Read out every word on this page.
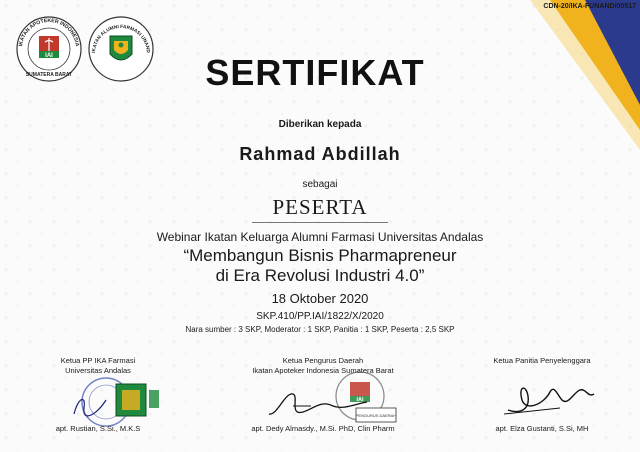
CDN-20/IKA-FUNAND/00517
IKATAN APOTEKER INDONESIA
IAI
SUMATERA BARAT
IKATAN ALUMNI FARMASI UNAND
SERTIFIKAT
Diberikan kepada
Rahmad Abdillah
sebagai
PESERTA
Webinar Ikatan Keluarga Alumni Farmasi Universitas Andalas
“Membangun Bisnis Pharmapreneur
di Era Revolusi Industri 4.0”
18 Oktober 2020
SKP.410/PP.IAI/1822/X/2020
Nara sumber : 3 SKP, Moderator : 1 SKP, Panitia : 1 SKP, Peserta : 2,5 SKP
Ketua PP IKA Farmasi
Universitas Andalas
apt. Rustian, S.Si., M.K.S
Ketua Pengurus Daerah
Ikatan Apoteker Indonesia Sumatera Barat
IAI
PENGURUS DAERAH
apt. Dedy Almasdy., M.Si. PhD, Clin Pharm
Ketua Panitia Penyelenggara
apt. Elza Gustanti, S.Si, MH
